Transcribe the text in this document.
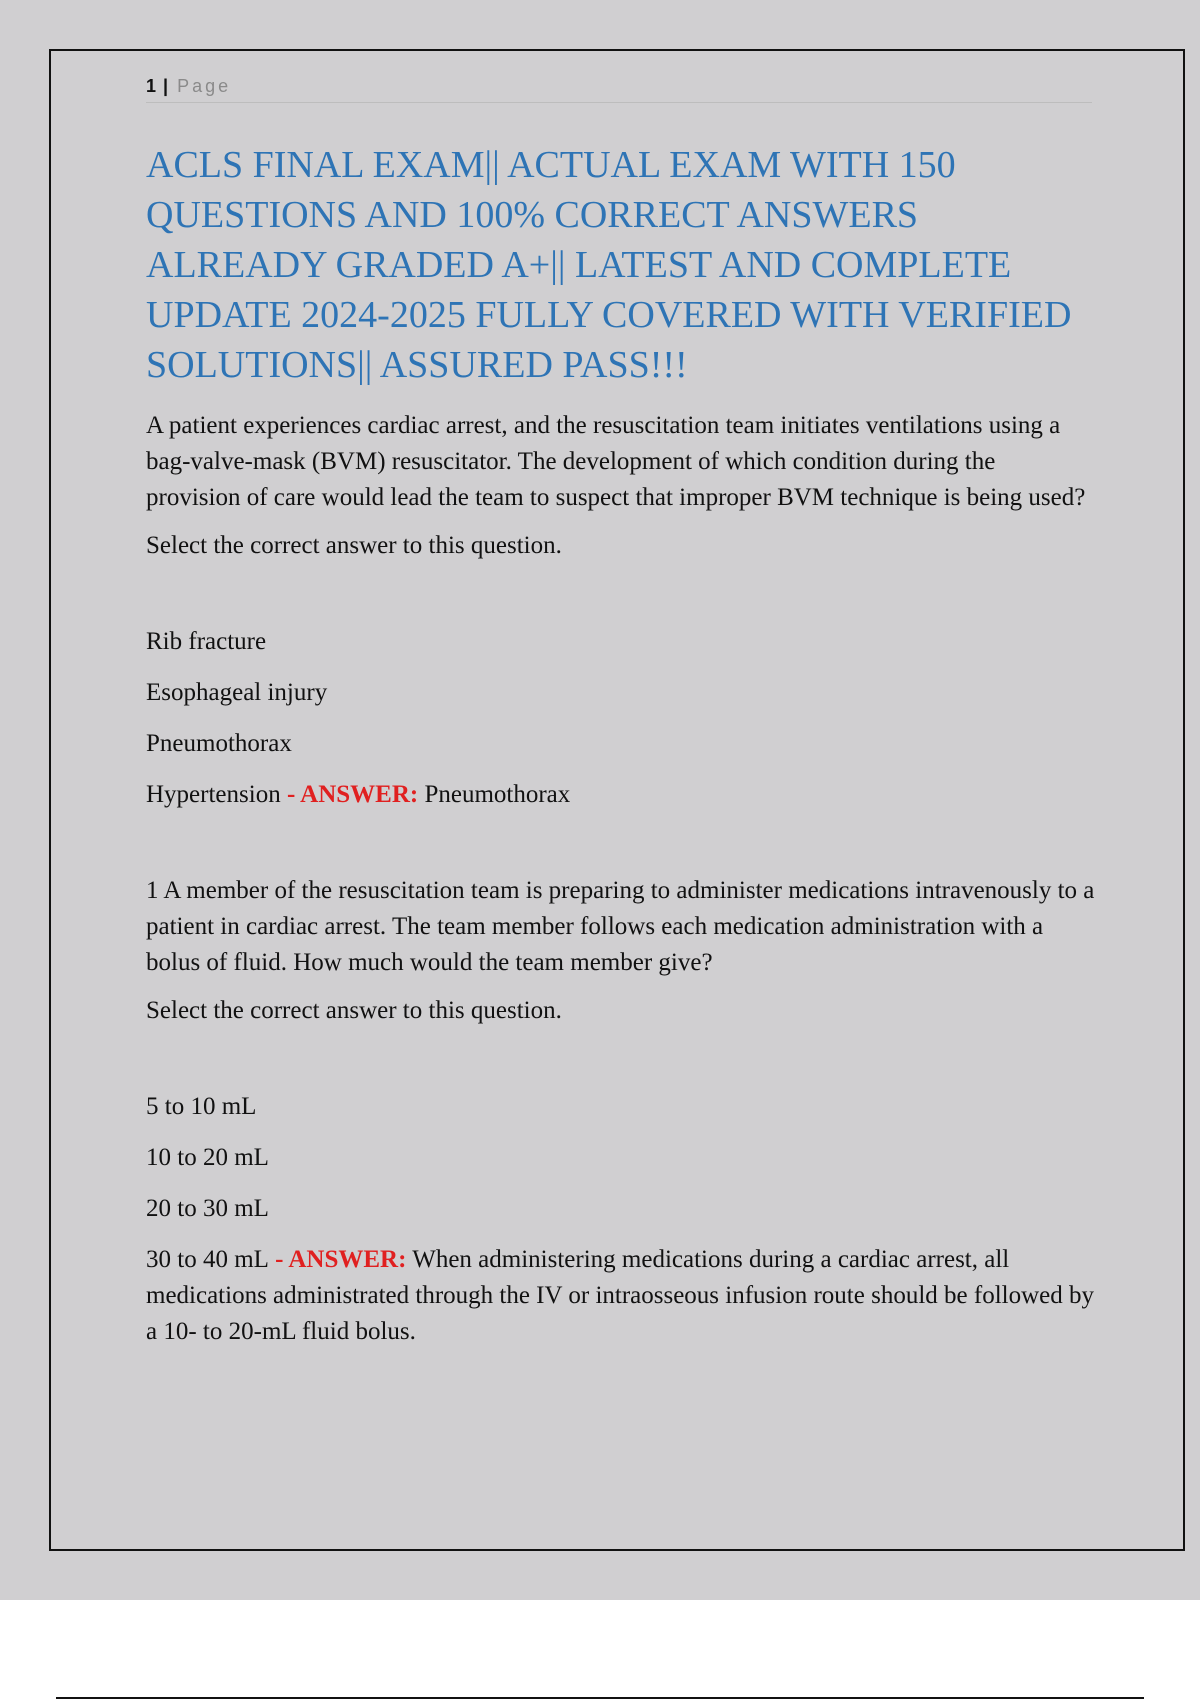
1 | Page
ACLS FINAL EXAM|| ACTUAL EXAM WITH 150 QUESTIONS AND 100% CORRECT ANSWERS ALREADY GRADED A+|| LATEST AND COMPLETE UPDATE 2024-2025 FULLY COVERED WITH VERIFIED SOLUTIONS|| ASSURED PASS!!!

A patient experiences cardiac arrest, and the resuscitation team initiates ventilations using a bag-valve-mask (BVM) resuscitator. The development of which condition during the provision of care would lead the team to suspect that improper BVM technique is being used?

Select the correct answer to this question.

Rib fracture

Esophageal injury

Pneumothorax

Hypertension - ANSWER: Pneumothorax

1 A member of the resuscitation team is preparing to administer medications intravenously to a patient in cardiac arrest. The team member follows each medication administration with a bolus of fluid. How much would the team member give?

Select the correct answer to this question.

5 to 10 mL

10 to 20 mL

20 to 30 mL

30 to 40 mL - ANSWER: When administering medications during a cardiac arrest, all medications administrated through the IV or intraosseous infusion route should be followed by a 10- to 20-mL fluid bolus.
